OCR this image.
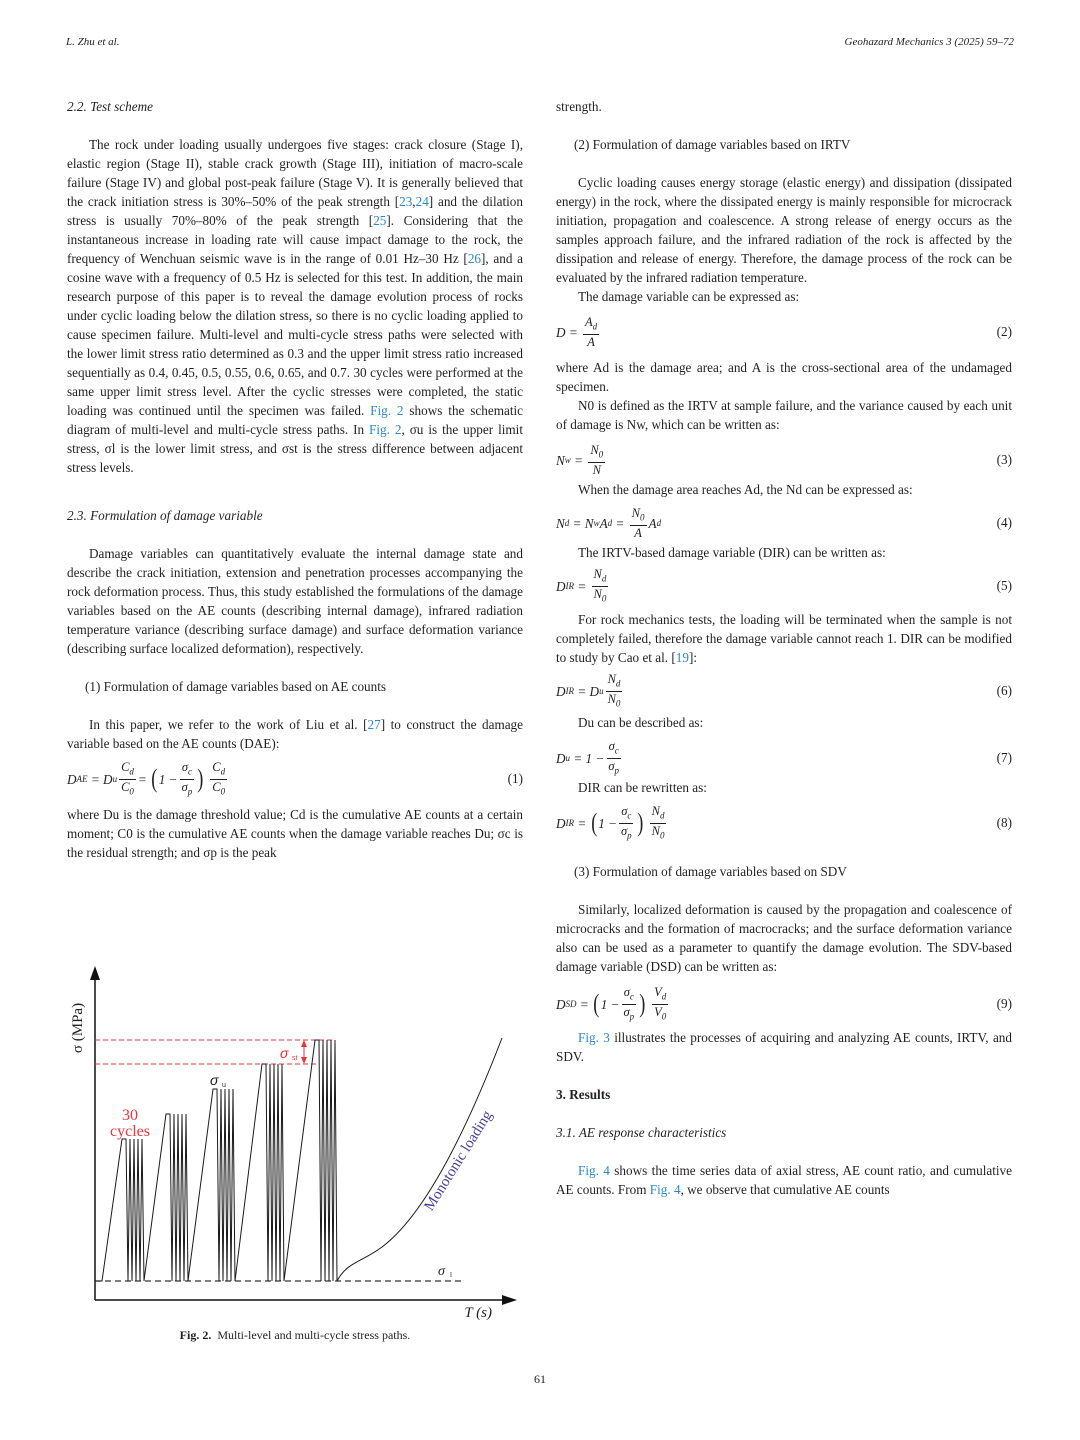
L. Zhu et al.	Geohazard Mechanics 3 (2025) 59–72

2.2. Test scheme

The rock under loading usually undergoes five stages: crack closure (Stage I), elastic region (Stage II), stable crack growth (Stage III), initiation of macro-scale failure (Stage IV) and global post-peak failure (Stage V). It is generally believed that the crack initiation stress is 30%–50% of the peak strength [23,24] and the dilation stress is usually 70%–80% of the peak strength [25]. Considering that the instantaneous increase in loading rate will cause impact damage to the rock, the frequency of Wenchuan seismic wave is in the range of 0.01 Hz–30 Hz [26], and a cosine wave with a frequency of 0.5 Hz is selected for this test. In addition, the main research purpose of this paper is to reveal the damage evolution process of rocks under cyclic loading below the dilation stress, so there is no cyclic loading applied to cause specimen failure. Multi-level and multi-cycle stress paths were selected with the lower limit stress ratio determined as 0.3 and the upper limit stress ratio increased sequentially as 0.4, 0.45, 0.5, 0.55, 0.6, 0.65, and 0.7. 30 cycles were performed at the same upper limit stress level. After the cyclic stresses were completed, the static loading was continued until the specimen was failed. Fig. 2 shows the schematic diagram of multi-level and multi-cycle stress paths. In Fig. 2, σu is the upper limit stress, σl is the lower limit stress, and σst is the stress difference between adjacent stress levels.

2.3. Formulation of damage variable

Damage variables can quantitatively evaluate the internal damage state and describe the crack initiation, extension and penetration processes accompanying the rock deformation process. Thus, this study established the formulations of the damage variables based on the AE counts (describing internal damage), infrared radiation temperature variance (describing surface damage) and surface deformation variance (describing surface localized deformation), respectively.

(1) Formulation of damage variables based on AE counts

In this paper, we refer to the work of Liu et al. [27] to construct the damage variable based on the AE counts (DAE):

D AE = D u $\frac{C_d}{C_0}$ = ( $1 - \frac{\sigma_c}{\sigma_p}$ )
$\frac{C_d}{C_0}$	(1)

where Du is the damage threshold value; Cd is the cumulative AE counts at a certain moment; C0 is the cumulative AE counts when the damage variable reaches Du; σc is the residual strength; and σp is the peak

σ (MPa)
30
cycles
σ u
σ st
σ l
Monotonic loading
T (s)
Fig. 2. Multi-level and multi-cycle stress paths.

strength.

(2) Formulation of damage variables based on IRTV

Cyclic loading causes energy storage (elastic energy) and dissipation (dissipated energy) in the rock, where the dissipated energy is mainly responsible for microcrack initiation, propagation and coalescence. A strong release of energy occurs as the samples approach failure, and the infrared radiation of the rock is affected by the dissipation and release of energy. Therefore, the damage process of the rock can be evaluated by the infrared radiation temperature.

The damage variable can be expressed as:

$D = \frac{A_d}{A}$	(2)

where Ad is the damage area; and A is the cross-sectional area of the undamaged specimen.

N0 is defined as the IRTV at sample failure, and the variance caused by each unit of damage is Nw, which can be written as:

N $w = \frac{N_0}{N}$	(3)

When the damage area reaches Ad, the Nd can be expressed as:

N d = N w A $d = \frac{N_0}{A}$ A d	(4)

The IRTV-based damage variable (DIR) can be written as:

D IR = $\frac{N_d}{N_0}$	(5)

For rock mechanics tests, the loading will be terminated when the sample is not completely failed, therefore the damage variable cannot reach 1. DIR can be modified to study by Cao et al. [19]:

D IR = D u $\frac{N_d}{N_0}$	(6)

Du can be described as:

D $u = 1 - \frac{\sigma_c}{\sigma_p}$	(7)

DIR can be rewritten as:

D IR = ( $1 - \frac{\sigma_c}{\sigma_p}$ )
$\frac{N_d}{N_0}$	(8)

(3) Formulation of damage variables based on SDV

Similarly, localized deformation is caused by the propagation and coalescence of microcracks and the formation of macrocracks; and the surface deformation variance also can be used as a parameter to quantify the damage evolution. The SDV-based damage variable (DSD) can be written as:

D SD = ( $1 - \frac{\sigma_c}{\sigma_p}$ )
$\frac{V_d}{V_0}$	(9)

Fig. 3 illustrates the processes of acquiring and analyzing AE counts, IRTV, and SDV.

3. Results

3.1. AE response characteristics

Fig. 4 shows the time series data of axial stress, AE count ratio, and cumulative AE counts. From Fig. 4, we observe that cumulative AE counts

61
